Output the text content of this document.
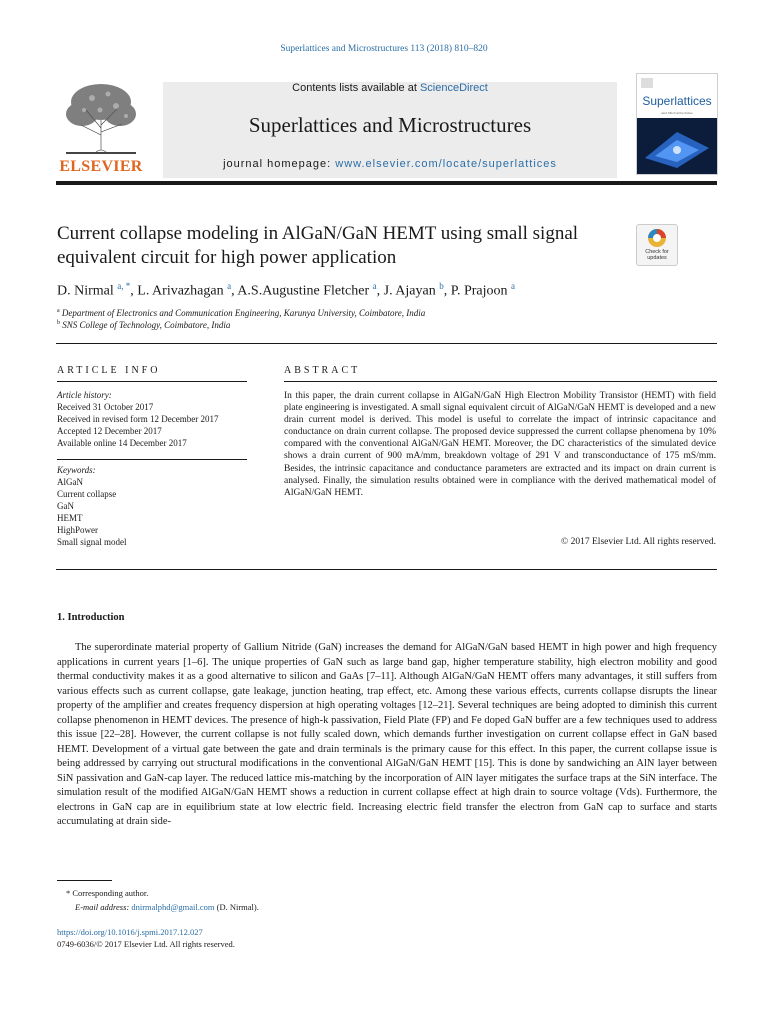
Superlattices and Microstructures 113 (2018) 810–820
ELSEVIER
Contents lists available at ScienceDirect
Superlattices and Microstructures
journal homepage: www.elsevier.com/locate/superlattices
Superlattices
and Microstructures
Current collapse modeling in AlGaN/GaN HEMT using small signal equivalent circuit for high power application	Check for updates
D. Nirmal $^{a, *}$, L. Arivazhagan $^a$, A.S.Augustine Fletcher $^a$, J. Ajayan $^b$, P. Prajoon $^a$
$^a$ Department of Electronics and Communication Engineering, Karunya University, Coimbatore, India
$^b$ SNS College of Technology, Coimbatore, India
ARTICLE INFO	ABSTRACT
Article history:
Received 31 October 2017
Received in revised form 12 December 2017
Accepted 12 December 2017
Available online 14 December 2017
Keywords:
AlGaN
Current collapse
GaN
HEMT
HighPower
Small signal model
In this paper, the drain current collapse in AlGaN/GaN High Electron Mobility Transistor (HEMT) with field plate engineering is investigated. A small signal equivalent circuit of AlGaN/GaN HEMT is developed and a new drain current model is derived. This model is useful to correlate the impact of intrinsic capacitance and conductance on drain current collapse. The proposed device suppressed the current collapse phenomena by 10% compared with the conventional AlGaN/GaN HEMT. Moreover, the DC characteristics of the simulated device shows a drain current of 900 mA/mm, breakdown voltage of 291 V and transconductance of 175 mS/mm. Besides, the intrinsic capacitance and conductance parameters are extracted and its impact on drain current is analysed. Finally, the simulation results obtained were in compliance with the derived mathematical model of AlGaN/GaN HEMT.
© 2017 Elsevier Ltd. All rights reserved.
1. Introduction
The superordinate material property of Gallium Nitride (GaN) increases the demand for AlGaN/GaN based HEMT in high power and high frequency applications in current years [1–6]. The unique properties of GaN such as large band gap, higher temperature stability, high electron mobility and good thermal conductivity makes it as a good alternative to silicon and GaAs [7–11]. Although AlGaN/GaN HEMT offers many advantages, it still suffers from various effects such as current collapse, gate leakage, junction heating, trap effect, etc. Among these various effects, currents collapse disrupts the linear property of the amplifier and creates frequency dispersion at high operating voltages [12–21]. Several techniques are being adopted to diminish this current collapse phenomenon in HEMT devices. The presence of high-k passivation, Field Plate (FP) and Fe doped GaN buffer are a few techniques used to address this issue [22–28]. However, the current collapse is not fully scaled down, which demands further investigation on current collapse effect in GaN based HEMT. Development of a virtual gate between the gate and drain terminals is the primary cause for this effect. In this paper, the current collapse issue is being addressed by carrying out structural modifications in the conventional AlGaN/GaN HEMT [15]. This is done by sandwiching an AlN layer between SiN passivation and GaN-cap layer. The reduced lattice mis-matching by the incorporation of AlN layer mitigates the surface traps at the SiN interface. The simulation result of the modified AlGaN/GaN HEMT shows a reduction in current collapse effect at high drain to source voltage (Vds). Furthermore, the electrons in GaN cap are in equilibrium state at low electric field. Increasing electric field transfer the electron from GaN cap to surface and starts accumulating at drain side-
* Corresponding author.
E-mail address: dnirmalphd@gmail.com (D. Nirmal).
https://doi.org/10.1016/j.spmi.2017.12.027
0749-6036/© 2017 Elsevier Ltd. All rights reserved.
